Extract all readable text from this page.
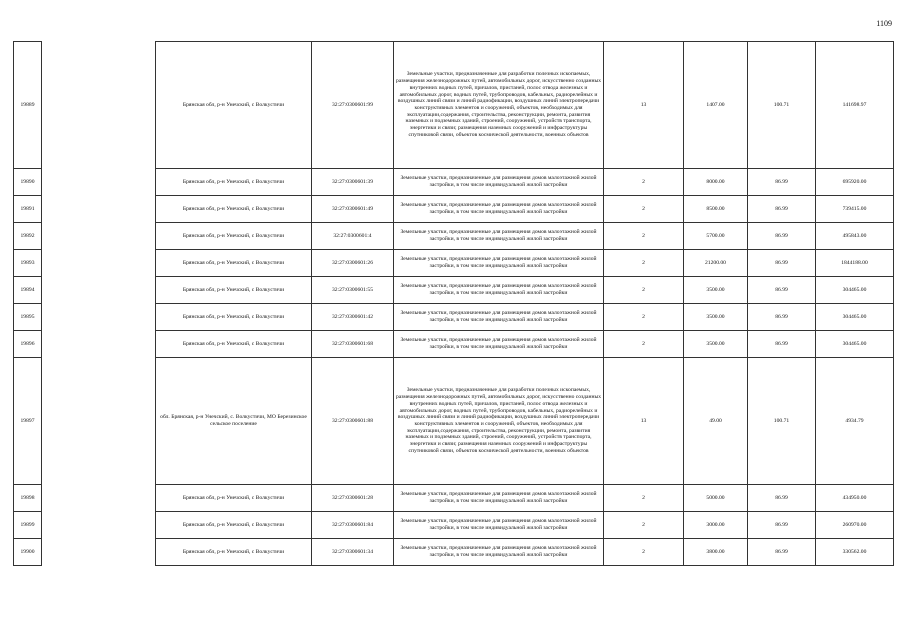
1109
19889		Брянская обл, р-н Унечский, с Волкустичи	32:27:0300601:99	Земельные участки, предназначенные для разработки полезных ископаемых, размещения железнодорожных путей, автомобильных дорог, искусственно созданных внутренних водных путей, причалов, пристаней, полос отвода железных и автомобильных дорог, водных путей, трубопроводов, кабельных, радиорелейных и воздушных линий связи и линий радиофикации, воздушных линий электропередачи конструктивных элементов и сооружений, объектов, необходимых для эксплуатации,содержания, строительства, реконструкции, ремонта, развития наземных и подземных зданий, строений, сооружений, устройств транспорта, энергетики и связи; размещения наземных сооружений и инфраструктуры спутниковой связи, объектов космической деятельности, военных объектов	13	1407.00	100.71	141698.97
19890		Брянская обл, р-н Унечский, с Волкустичи	32:27:0300601:39	Земельные участки, предназначенные для размещения домов малоэтажной жилой застройки, в том числе индивидуальной жилой застройки	2	8000.00	86.99	695920.00
19891		Брянская обл, р-н Унечский, с Волкустичи	32:27:0300601:49	Земельные участки, предназначенные для размещения домов малоэтажной жилой застройки, в том числе индивидуальной жилой застройки	2	8500.00	86.99	739415.00
19892		Брянская обл, р-н Унечский, с Волкустичи	32:27:0300601:4	Земельные участки, предназначенные для размещения домов малоэтажной жилой застройки, в том числе индивидуальной жилой застройки	2	5700.00	86.99	495843.00
19893		Брянская обл, р-н Унечский, с Волкустичи	32:27:0300601:26	Земельные участки, предназначенные для размещения домов малоэтажной жилой застройки, в том числе индивидуальной жилой застройки	2	21200.00	86.99	1844188.00
19894		Брянская обл, р-н Унечский, с Волкустичи	32:27:0300601:55	Земельные участки, предназначенные для размещения домов малоэтажной жилой застройки, в том числе индивидуальной жилой застройки	2	3500.00	86.99	304465.00
19895		Брянская обл, р-н Унечский, с Волкустичи	32:27:0300601:42	Земельные участки, предназначенные для размещения домов малоэтажной жилой застройки, в том числе индивидуальной жилой застройки	2	3500.00	86.99	304465.00
19896		Брянская обл, р-н Унечский, с Волкустичи	32:27:0300601:68	Земельные участки, предназначенные для размещения домов малоэтажной жилой застройки, в том числе индивидуальной жилой застройки	2	3500.00	86.99	304465.00
19897		обл. Брянская, р-н Унечский, с. Волкустичи, МО Березинское сельское поселение	32:27:0300601:88	Земельные участки, предназначенные для разработки полезных ископаемых, размещения железнодорожных путей, автомобильных дорог, искусственно созданных внутренних водных путей, причалов, пристаней, полос отвода железных и автомобильных дорог, водных путей, трубопроводов, кабельных, радиорелейных и воздушных линий связи и линий радиофикации, воздушных линий электропередачи конструктивных элементов и сооружений, объектов, необходимых для эксплуатации,содержания, строительства, реконструкции, ремонта, развития наземных и подземных зданий, строений, сооружений, устройств транспорта, энергетики и связи; размещения наземных сооружений и инфраструктуры спутниковой связи, объектов космической деятельности, военных объектов	13	49.00	100.71	4934.79
19898		Брянская обл, р-н Унечский, с Волкустичи	32:27:0300601:28	Земельные участки, предназначенные для размещения домов малоэтажной жилой застройки, в том числе индивидуальной жилой застройки	2	5000.00	86.99	434950.00
19899		Брянская обл, р-н Унечский, с Волкустичи	32:27:0300601:84	Земельные участки, предназначенные для размещения домов малоэтажной жилой застройки, в том числе индивидуальной жилой застройки	2	3000.00	86.99	260970.00
19900		Брянская обл, р-н Унечский, с Волкустичи	32:27:0300601:34	Земельные участки, предназначенные для размещения домов малоэтажной жилой застройки, в том числе индивидуальной жилой застройки	2	3800.00	86.99	330562.00
